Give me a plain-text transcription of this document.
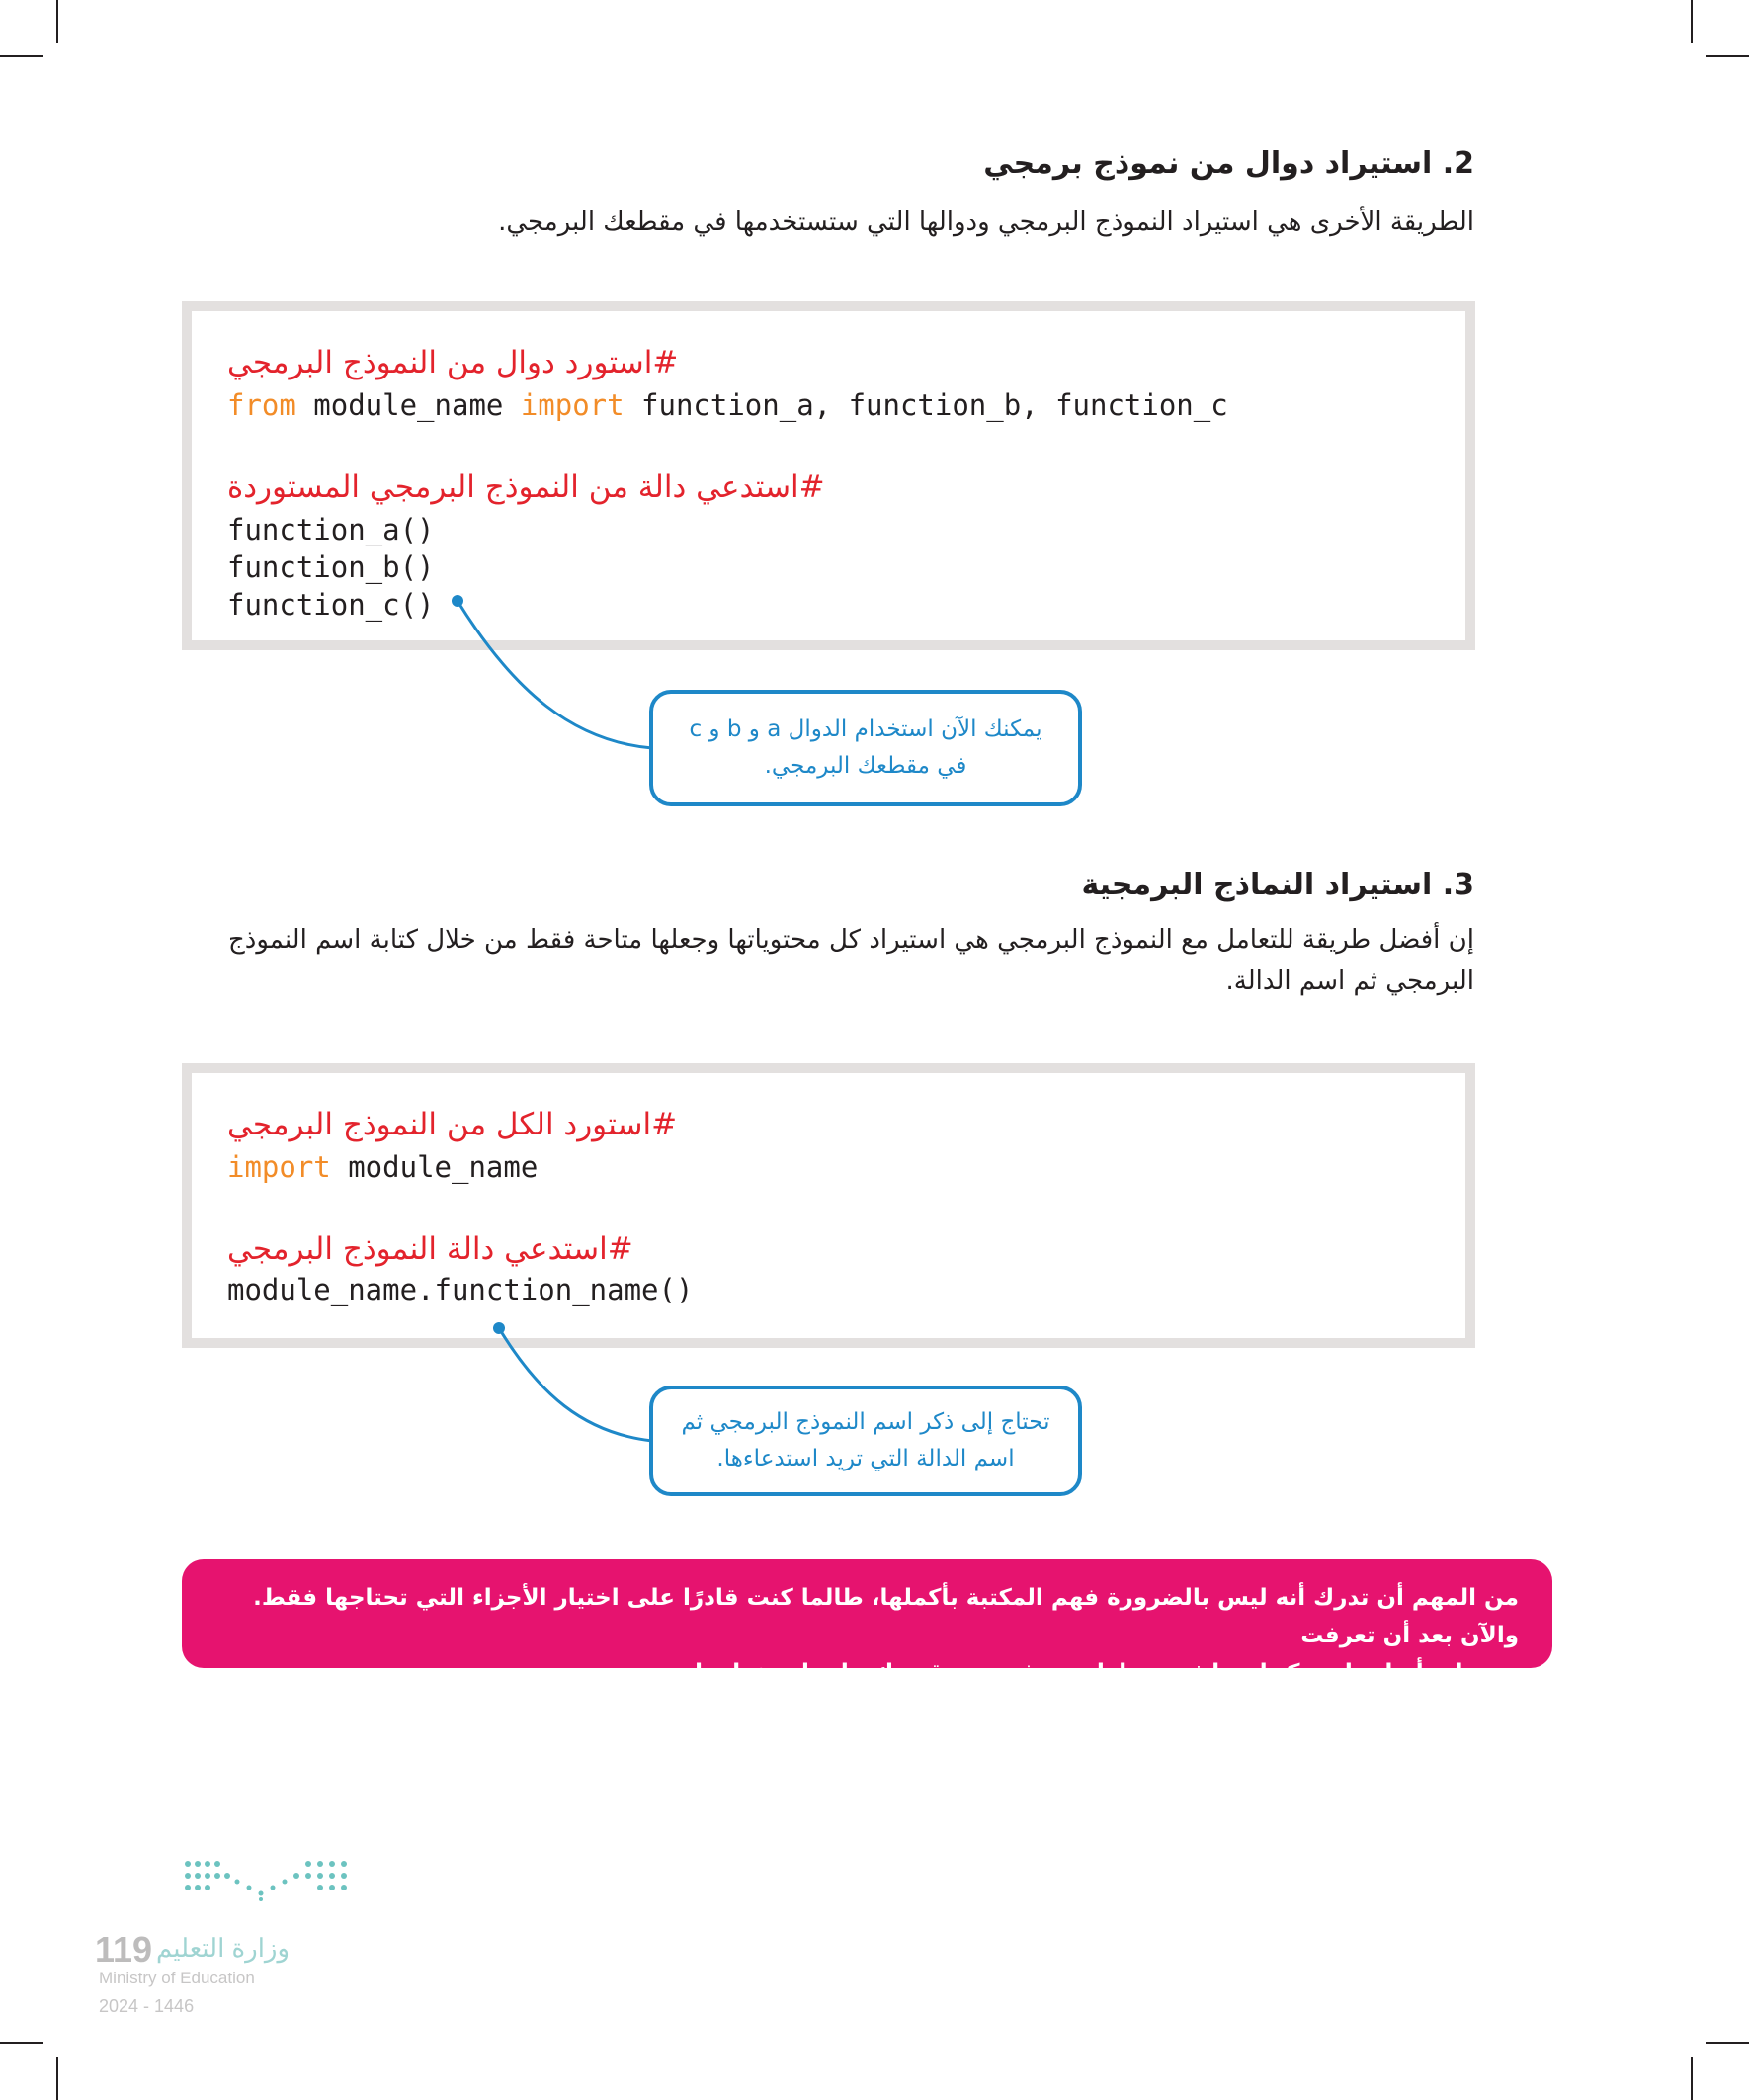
2. استيراد دوال من نموذج برمجي
الطريقة الأخرى هي استيراد النموذج البرمجي ودوالها التي ستستخدمها في مقطعك البرمجي.
#استورد دوال من النموذج البرمجي
from module_name import function_a, function_b, function_c
#استدعي دالة من النموذج البرمجي المستوردة
function_a()
function_b()
function_c()
يمكنك الآن استخدام الدوال a و b و c
في مقطعك البرمجي.
3. استيراد النماذج البرمجية
إن أفضل طريقة للتعامل مع النموذج البرمجي هي استيراد كل محتوياتها وجعلها متاحة فقط من خلال كتابة اسم النموذج
البرمجي ثم اسم الدالة.
#استورد الكل من النموذج البرمجي
import module_name
#استدعي دالة النموذج البرمجي
module_name.function_name()
تحتاج إلى ذكر اسم النموذج البرمجي ثم
اسم الدالة التي تريد استدعاءها.
من المهم أن تدرك أنه ليس بالضرورة فهم المكتبة بأكملها، طالما كنت قادرًا على اختيار الأجزاء التي تحتاجها فقط. والآن بعد أن تعرفت
على أساسيات مكتبات بايثون، حاول معرفة مدى قدرتك على استخدامها.
119 وزارة التعليم
Ministry of Education
2024 - 1446
